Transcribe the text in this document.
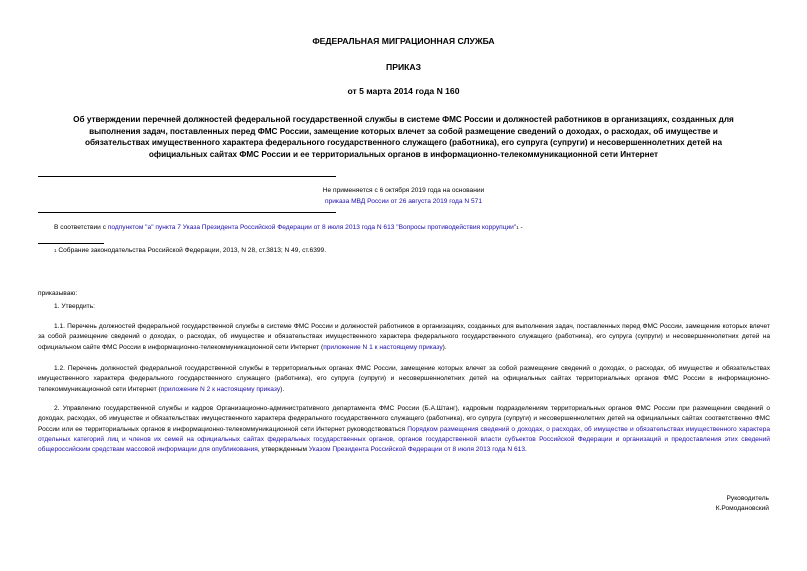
ФЕДЕРАЛЬНАЯ МИГРАЦИОННАЯ СЛУЖБА
ПРИКАЗ
от 5 марта 2014 года N 160
Об утверждении перечней должностей федеральной государственной службы в системе ФМС России и должностей работников в организациях, созданных для
выполнения задач, поставленных перед ФМС России, замещение которых влечет за собой размещение сведений о доходах, о расходах, об имуществе и
обязательствах имущественного характера федерального государственного служащего (работника), его супруга (супруги) и несовершеннолетних детей на
официальных сайтах ФМС России и ее территориальных органов в информационно-телекоммуникационной сети Интернет
Не применяется с 6 октября 2019 года на основании
приказа МВД России от 26 августа 2019 года N 571
В соответствии с подпунктом "а" пункта 7 Указа Президента Российской Федерации от 8 июля 2013 года N 613 "Вопросы противодействия коррупции"$^1$ -
$^1$ Собрание законодательства Российской Федерации, 2013, N 28, ст.3813; N 49, ст.6399.
приказываю:
1. Утвердить:
1.1. Перечень должностей федеральной государственной службы в системе ФМС России и должностей работников в организациях, созданных для выполнения задач, поставленных перед ФМС России, замещение которых влечет за собой размещение сведений о доходах, о расходах, об имуществе и обязательствах имущественного характера федерального государственного служащего (работника), его супруга (супруги) и несовершеннолетних детей на официальном сайте ФМС России в информационно-телекоммуникационной сети Интернет (приложение N 1 к настоящему приказу).
1.2. Перечень должностей федеральной государственной службы в территориальных органах ФМС России, замещение которых влечет за собой размещение сведений о доходах, о расходах, об имуществе и обязательствах имущественного характера федерального государственного служащего (работника), его супруга (супруги) и несовершеннолетних детей на официальных сайтах территориальных органов ФМС России в информационно-телекоммуникационной сети Интернет (приложение N 2 к настоящему приказу).
2. Управлению государственной службы и кадров Организационно-административного департамента ФМС России (Б.А.Штанг), кадровым подразделениям территориальных органов ФМС России при размещении сведений о доходах, расходах, об имуществе и обязательствах имущественного характера федерального государственного служащего (работника), его супруга (супруги) и несовершеннолетних детей на официальных сайтах соответственно ФМС России или ее территориальных органов в информационно-телекоммуникационной сети Интернет руководствоваться Порядком размещения сведений о доходах, о расходах, об имуществе и обязательствах имущественного характера отдельных категорий лиц и членов их семей на официальных сайтах федеральных государственных органов, органов государственной власти субъектов Российской Федерации и организаций и предоставления этих сведений общероссийским средствам массовой информации для опубликования, утвержденным Указом Президента Российской Федерации от 8 июля 2013 года N 613.
Руководитель
К.Ромодановский
